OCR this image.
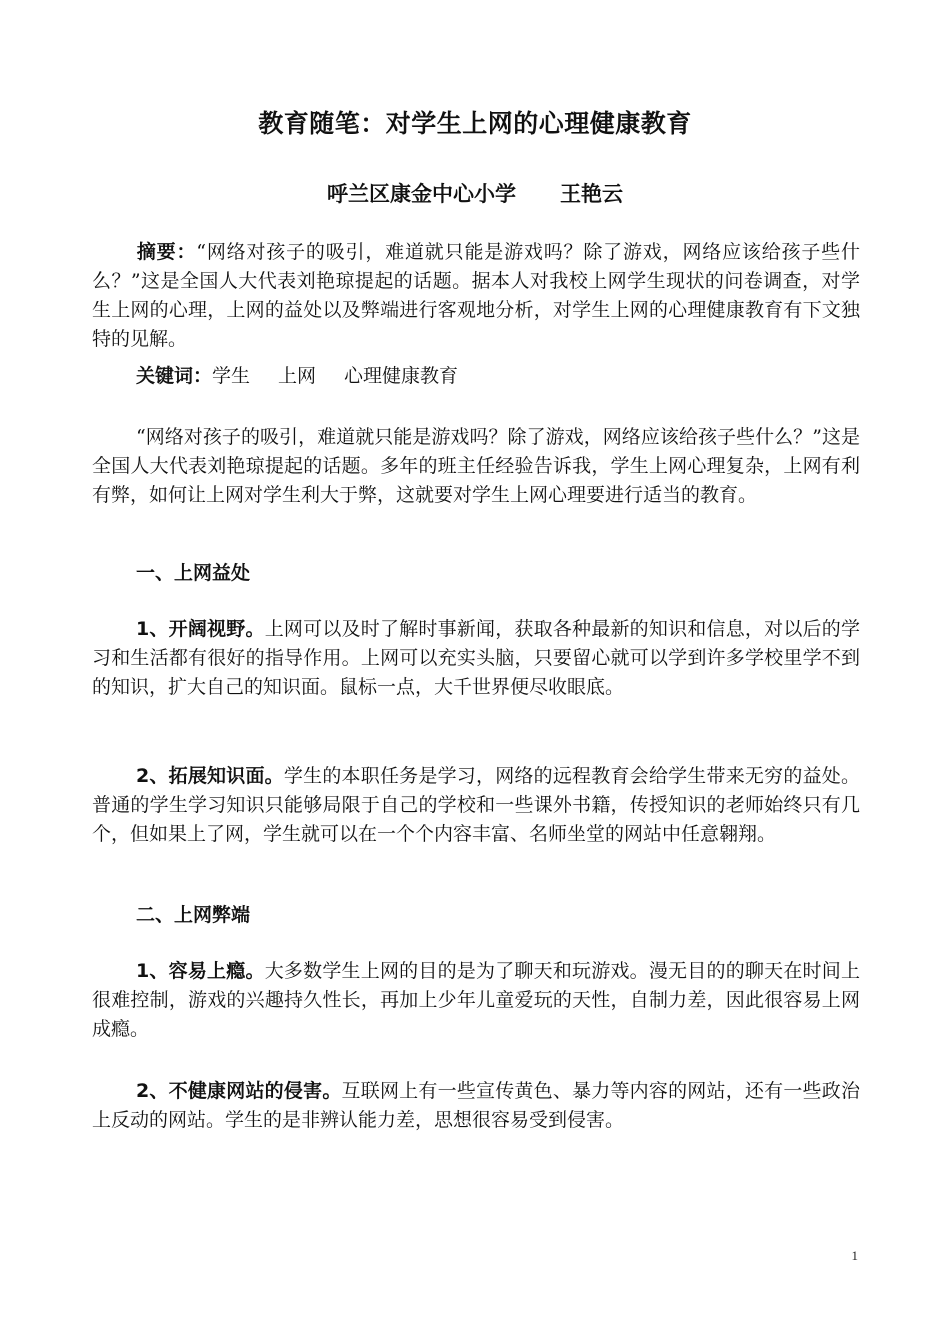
教育随笔：对学生上网的心理健康教育
呼兰区康金中心小学 王艳云
摘要：“网络对孩子的吸引，难道就只能是游戏吗？除了游戏，网络应该给孩子些什么？”这是全国人大代表刘艳琼提起的话题。据本人对我校上网学生现状的问卷调查，对学生上网的心理，上网的益处以及弊端进行客观地分析，对学生上网的心理健康教育有下文独特的见解。
关键词：学生 上网 心理健康教育
“网络对孩子的吸引，难道就只能是游戏吗？除了游戏，网络应该给孩子些什么？”这是全国人大代表刘艳琼提起的话题。多年的班主任经验告诉我，学生上网心理复杂，上网有利有弊，如何让上网对学生利大于弊，这就要对学生上网心理要进行适当的教育。
一、上网益处
1、开阔视野。上网可以及时了解时事新闻，获取各种最新的知识和信息，对以后的学习和生活都有很好的指导作用。上网可以充实头脑，只要留心就可以学到许多学校里学不到的知识，扩大自己的知识面。鼠标一点，大千世界便尽收眼底。
2、拓展知识面。学生的本职任务是学习，网络的远程教育会给学生带来无穷的益处。普通的学生学习知识只能够局限于自己的学校和一些课外书籍，传授知识的老师始终只有几个，但如果上了网，学生就可以在一个个内容丰富、名师坐堂的网站中任意翱翔。
二、上网弊端
1、容易上瘾。大多数学生上网的目的是为了聊天和玩游戏。漫无目的的聊天在时间上很难控制，游戏的兴趣持久性长，再加上少年儿童爱玩的天性，自制力差，因此很容易上网成瘾。
2、不健康网站的侵害。互联网上有一些宣传黄色、暴力等内容的网站，还有一些政治上反动的网站。学生的是非辨认能力差，思想很容易受到侵害。
1
